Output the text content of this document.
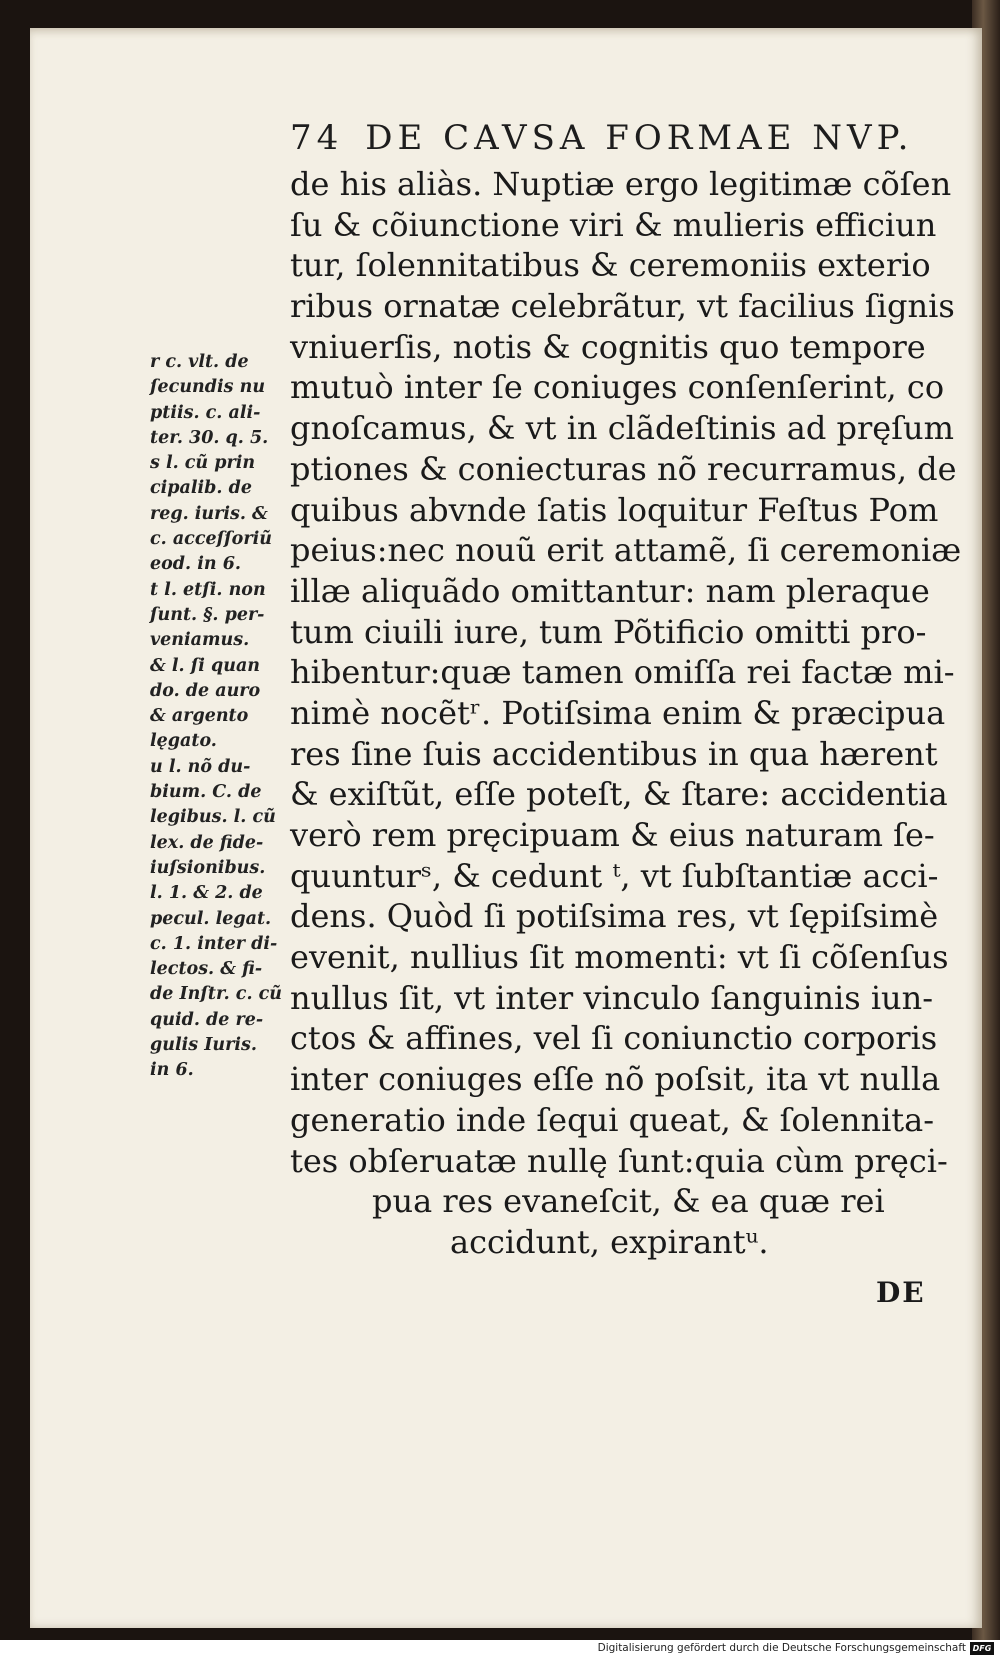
74 DE CAVSA FORMAE NVP.
de his aliàs. Nuptiæ ergo legitimæ cõſen
ſu & cõiunctione viri & mulieris efficiun
tur, ſolennitatibus & ceremoniis exterio
ribus ornatæ celebrãtur, vt facilius ſignis
vniuerſis, notis & cognitis quo tempore
mutuò inter ſe coniuges conſenſerint, co
gnoſcamus, & vt in clãdeſtinis ad pręſum
ptiones & coniecturas nõ recurramus, de
quibus abvnde ſatis loquitur Feſtus Pom
peius:nec nouũ erit attamẽ, ſi ceremoniæ
illæ aliquãdo omittantur: nam pleraque
tum ciuili iure, tum Põtificio omitti pro-
hibentur:quæ tamen omiſſa rei factæ mi-
nimè nocẽtʳ. Potiſsima enim & præcipua
res ſine ſuis accidentibus in qua hærent
& exiſtũt, eſſe poteſt, & ſtare: accidentia
verò rem pręcipuam & eius naturam ſe-
quunturˢ, & cedunt ᵗ, vt ſubſtantiæ acci-
dens. Quòd ſi potiſsima res, vt ſępiſsimè
evenit, nullius ſit momenti: vt ſi cõſenſus
nullus ſit, vt inter vinculo ſanguinis iun-
ctos & affines, vel ſi coniunctio corporis
inter coniuges eſſe nõ poſsit, ita vt nulla
generatio inde ſequi queat, & ſolennita-
tes obſeruatæ nullę ſunt:quia cùm pręci-
pua res evaneſcit, & ea quæ rei
accidunt, expirantᵘ.
DE
r c. vlt. de
ſecundis nu
ptiis. c. ali-
ter. 30. q. 5.
s l. cũ prin
cipalib. de
reg. iuris. &
c. acceſſoriũ
eod. in 6.
t l. etſi. non
ſunt. §. per-
veniamus.
& l. ſi quan
do. de auro
& argento
lęgato.
u l. nõ du-
bium. C. de
legibus. l. cũ
lex. de fide-
iuſsionibus.
l. 1. & 2. de
pecul. legat.
c. 1. inter di-
lectos. & fi-
de Inſtr. c. cũ
quid. de re-
gulis Iuris.
in 6.
Digitalisierung gefördert durch die Deutsche Forschungsgemeinschaft DFG
